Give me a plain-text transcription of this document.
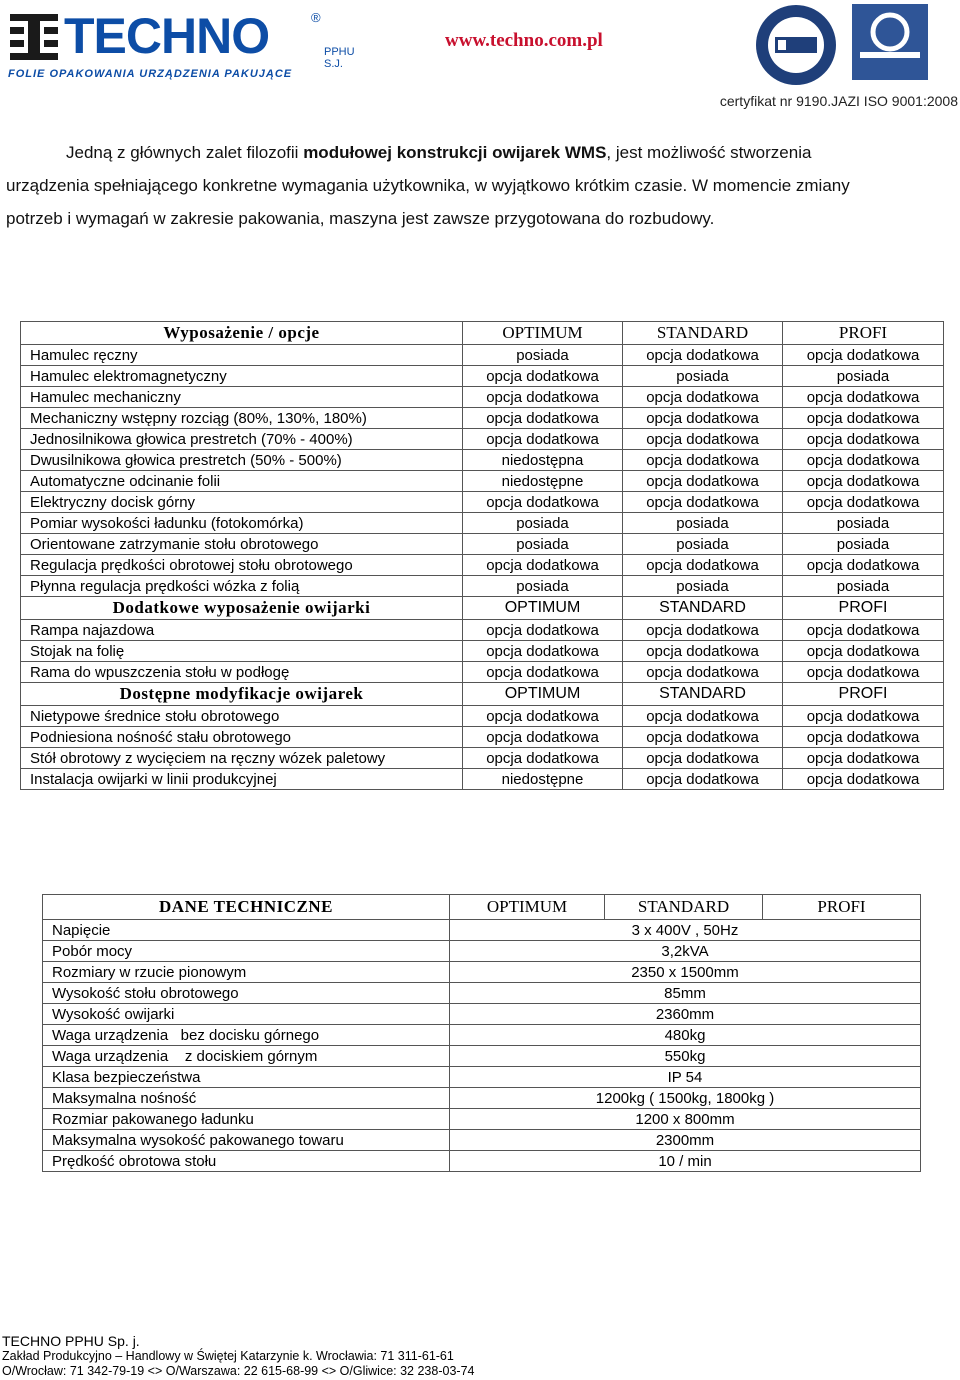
TECHNO	®
PPHU S.J.
FOLIE OPAKOWANIA URZĄDZENIA PAKUJĄCE
www.techno.com.pl
certyfikat nr 9190.JAZI ISO 9001:2008

Jedną z głównych zalet filozofii modułowej konstrukcji owijarek WMS, jest możliwość stworzenia

urządzenia spełniającego konkretne wymagania użytkownika, w wyjątkowo krótkim czasie. W momencie zmiany

potrzeb i wymagań w zakresie pakowania, maszyna jest zawsze przygotowana do rozbudowy.

Wyposażenie / opcje	OPTIMUM	STANDARD	PROFI
Hamulec ręczny	posiada	opcja dodatkowa	opcja dodatkowa
Hamulec elektromagnetyczny	opcja dodatkowa	posiada	posiada
Hamulec mechaniczny	opcja dodatkowa	opcja dodatkowa	opcja dodatkowa
Mechaniczny wstępny rozciąg (80%, 130%, 180%)	opcja dodatkowa	opcja dodatkowa	opcja dodatkowa
Jednosilnikowa głowica prestretch (70% - 400%)	opcja dodatkowa	opcja dodatkowa	opcja dodatkowa
Dwusilnikowa głowica prestretch (50% - 500%)	niedostępna	opcja dodatkowa	opcja dodatkowa
Automatyczne odcinanie folii	niedostępne	opcja dodatkowa	opcja dodatkowa
Elektryczny docisk górny	opcja dodatkowa	opcja dodatkowa	opcja dodatkowa
Pomiar wysokości ładunku (fotokomórka)	posiada	posiada	posiada
Orientowane zatrzymanie stołu obrotowego	posiada	posiada	posiada
Regulacja prędkości obrotowej stołu obrotowego	opcja dodatkowa	opcja dodatkowa	opcja dodatkowa
Płynna regulacja prędkości wózka z folią	posiada	posiada	posiada
Dodatkowe wyposażenie owijarki	OPTIMUM	STANDARD	PROFI
Rampa najazdowa	opcja dodatkowa	opcja dodatkowa	opcja dodatkowa
Stojak na folię	opcja dodatkowa	opcja dodatkowa	opcja dodatkowa
Rama do wpuszczenia stołu w podłogę	opcja dodatkowa	opcja dodatkowa	opcja dodatkowa
Dostępne modyfikacje owijarek	OPTIMUM	STANDARD	PROFI
Nietypowe średnice stołu obrotowego	opcja dodatkowa	opcja dodatkowa	opcja dodatkowa
Podniesiona nośność stału obrotowego	opcja dodatkowa	opcja dodatkowa	opcja dodatkowa
Stół obrotowy z wycięciem na ręczny wózek paletowy	opcja dodatkowa	opcja dodatkowa	opcja dodatkowa
Instalacja owijarki w linii produkcyjnej	niedostępne	opcja dodatkowa	opcja dodatkowa
DANE TECHNICZNE	OPTIMUM	STANDARD	PROFI
Napięcie	3 x 400V , 50Hz		
Pobór mocy	3,2kVA		
Rozmiary w rzucie pionowym	2350 x 1500mm		
Wysokość stołu obrotowego	85mm		
Wysokość owijarki	2360mm		
Waga urządzenia   bez docisku górnego	480kg		
Waga urządzenia    z dociskiem górnym	550kg		
Klasa bezpieczeństwa	IP 54		
Maksymalna nośność	1200kg ( 1500kg, 1800kg )		
Rozmiar pakowanego ładunku	1200 x 800mm		
Maksymalna wysokość pakowanego towaru	2300mm		
Prędkość obrotowa stołu	10 / min		
TECHNO PPHU Sp. j.
Zakład Produkcyjno – Handlowy w Świętej Katarzynie k. Wrocławia: 71 311-61-61
O/Wrocław: 71 342-79-19 <> O/Warszawa: 22 615-68-99 <> O/Gliwice: 32 238-03-74
